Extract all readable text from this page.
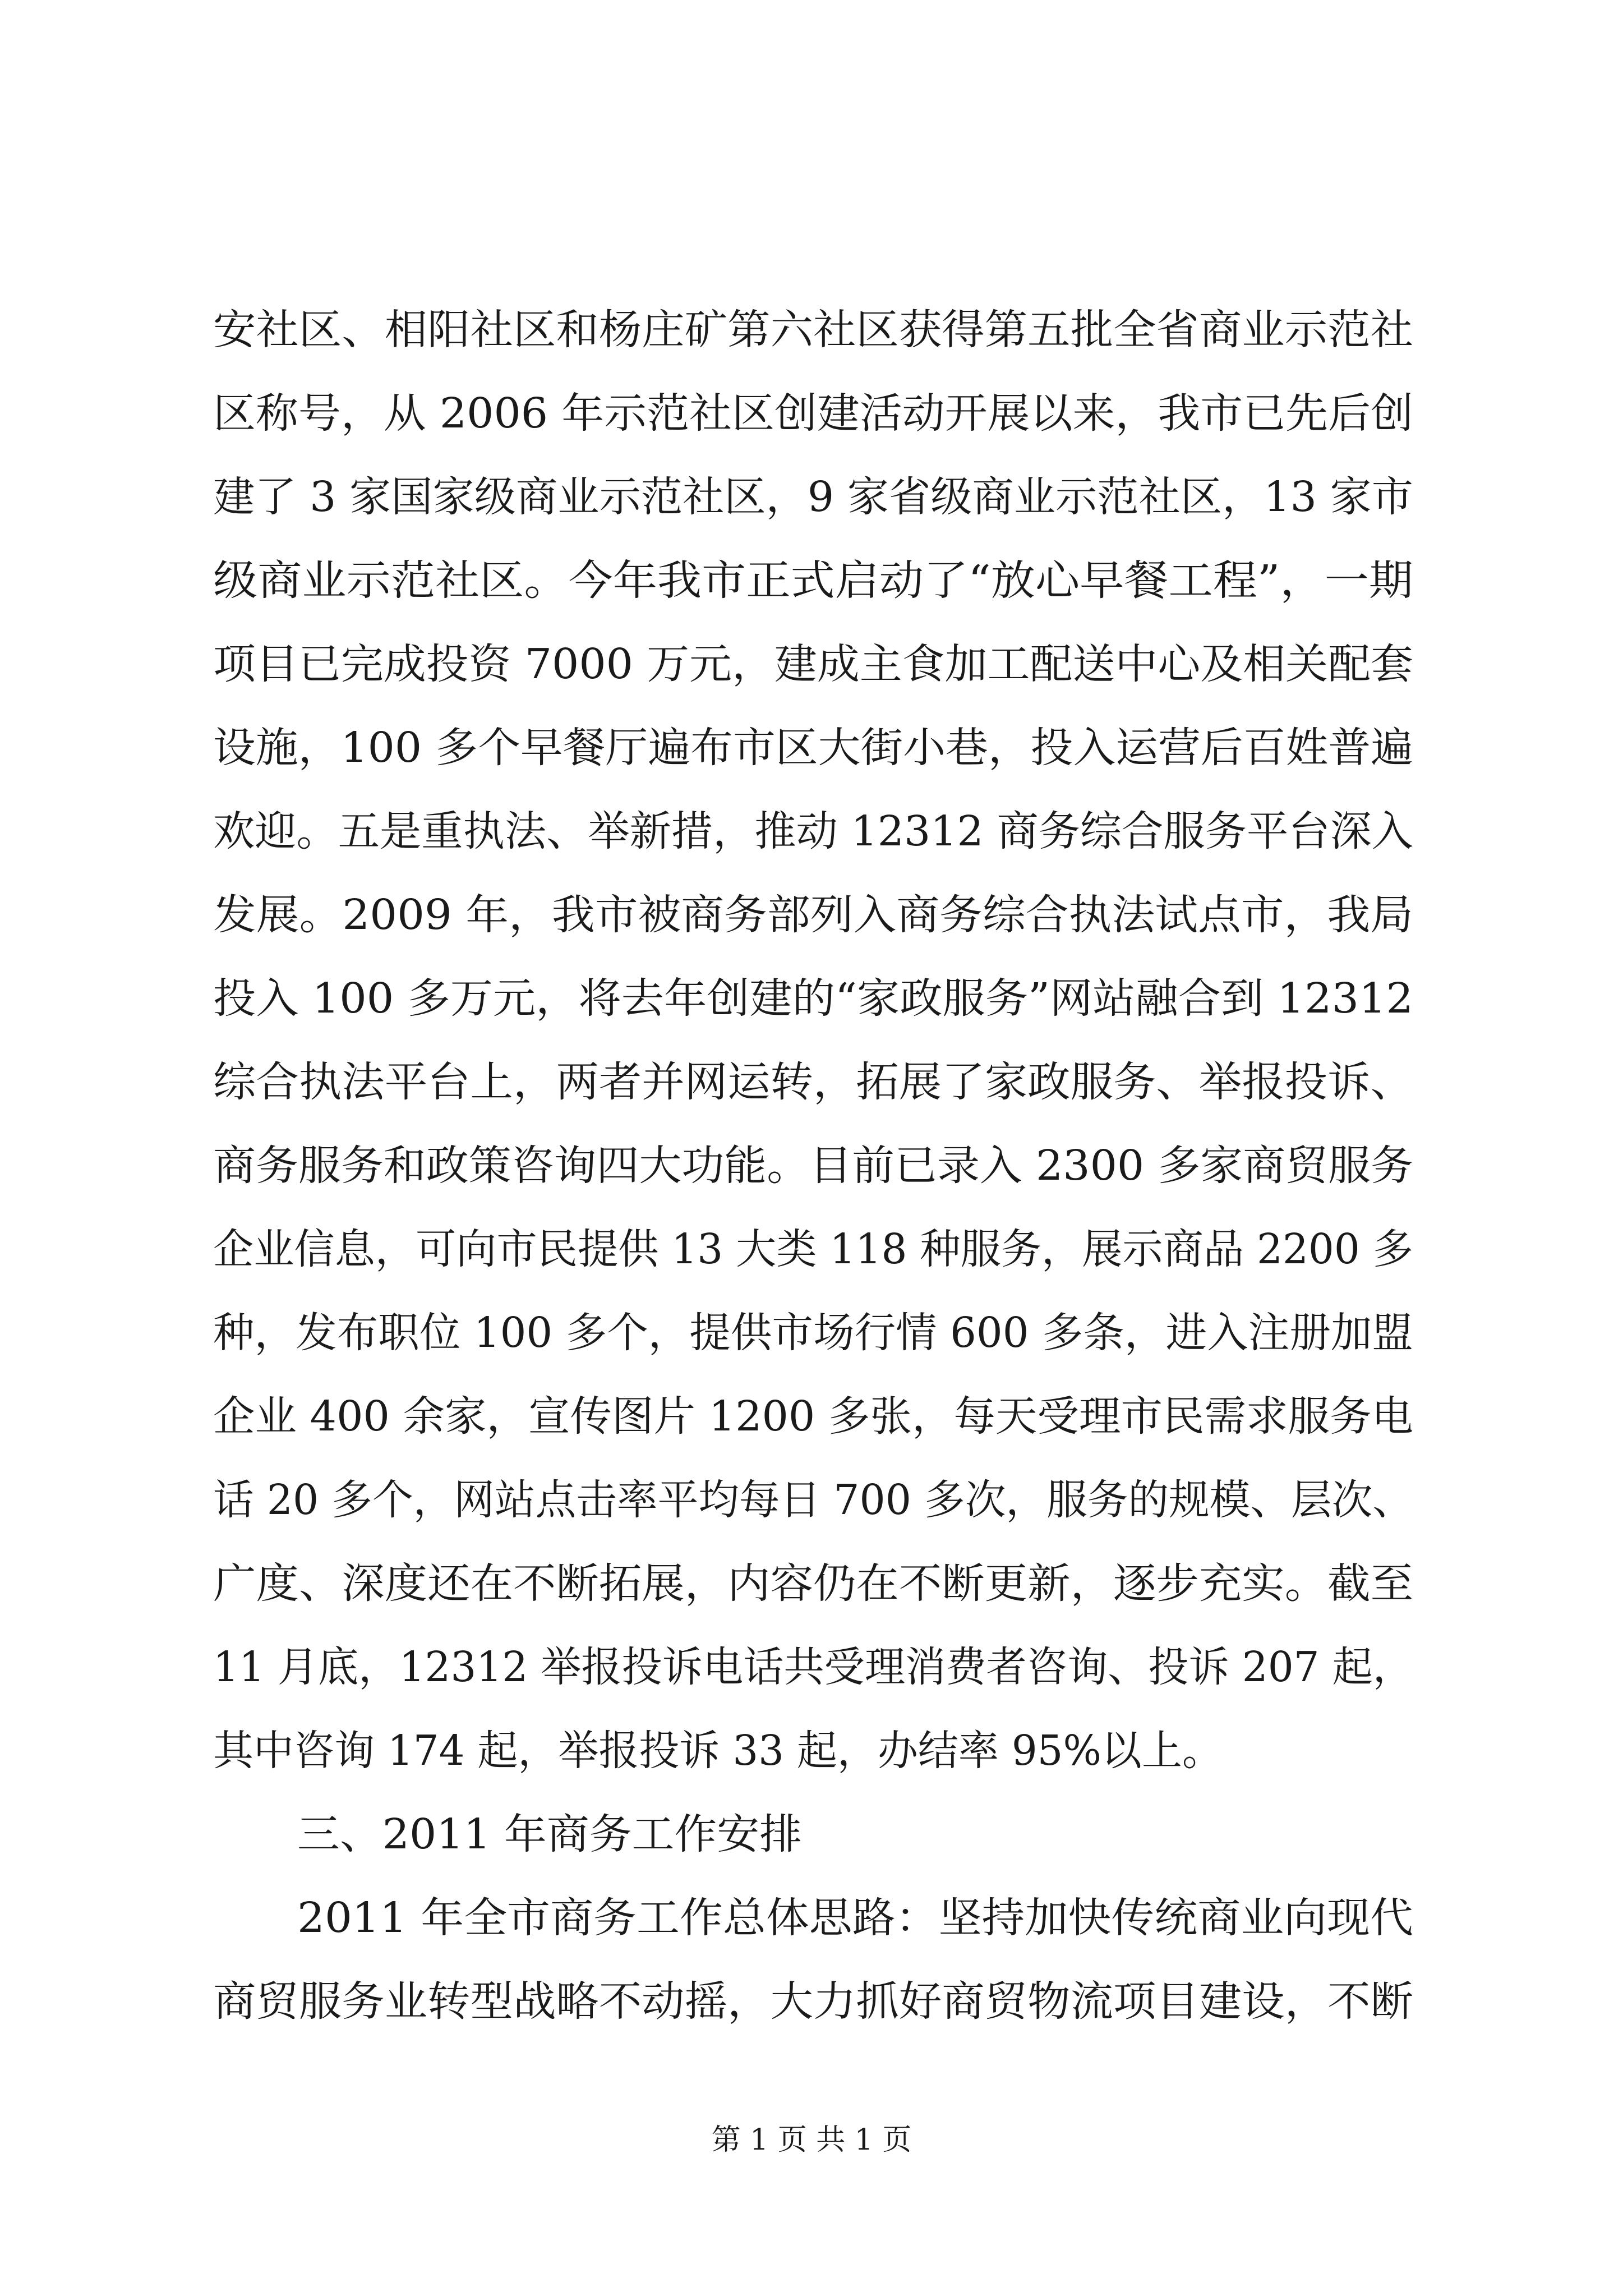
安社区、相阳社区和杨庄矿第六社区获得第五批全省商业示范社
区称号，从 2006 年示范社区创建活动开展以来，我市已先后创
建了 3 家国家级商业示范社区，9 家省级商业示范社区，13 家市
级商业示范社区。今年我市正式启动了“放心早餐工程”，一期
项目已完成投资 7000 万元，建成主食加工配送中心及相关配套
设施，100 多个早餐厅遍布市区大街小巷，投入运营后百姓普遍
欢迎。五是重执法、举新措，推动 12312 商务综合服务平台深入
发展。2009 年，我市被商务部列入商务综合执法试点市，我局
投入 100 多万元，将去年创建的“家政服务”网站融合到 12312
综合执法平台上，两者并网运转，拓展了家政服务、举报投诉、
商务服务和政策咨询四大功能。目前已录入 2300 多家商贸服务
企业信息，可向市民提供 13 大类 118 种服务，展示商品 2200 多
种，发布职位 100 多个，提供市场行情 600 多条，进入注册加盟
企业 400 余家，宣传图片 1200 多张，每天受理市民需求服务电
话 20 多个，网站点击率平均每日 700 多次，服务的规模、层次、
广度、深度还在不断拓展，内容仍在不断更新，逐步充实。截至
11 月底，12312 举报投诉电话共受理消费者咨询、投诉 207 起，
其中咨询 174 起，举报投诉 33 起，办结率 95%以上。
三、2011 年商务工作安排
2011 年全市商务工作总体思路：坚持加快传统商业向现代
商贸服务业转型战略不动摇，大力抓好商贸物流项目建设，不断
第 1 页 共 1 页
